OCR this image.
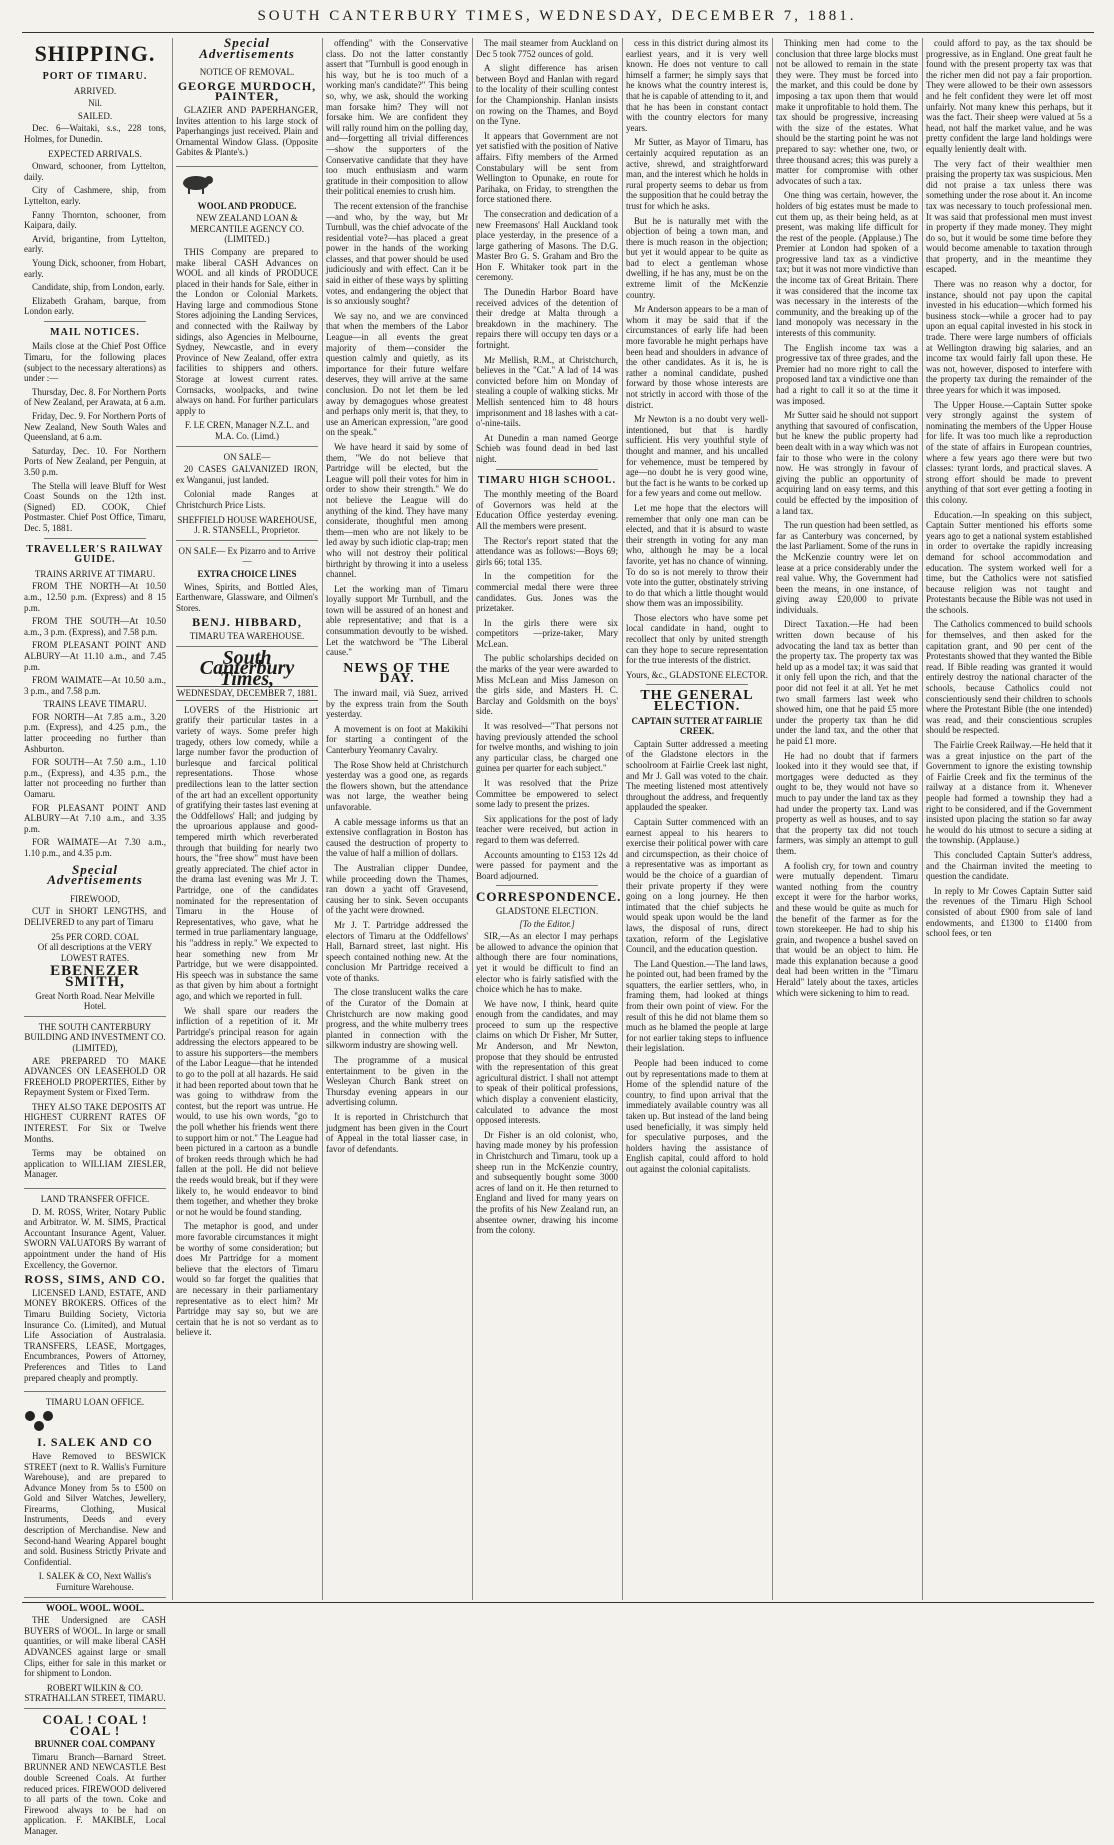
SOUTH CANTERBURY TIMES, WEDNESDAY, DECEMBER 7, 1881.
SHIPPING.
PORT OF TIMARU.
ARRIVED.
Nil.
SAILED.

Dec. 6—Waitaki, s.s., 228 tons, Holmes, for Dunedin.

EXPECTED ARRIVALS.
Onward, schooner, from Lyttelton, daily.
City of Cashmere, ship, from Lyttelton, early.
Fanny Thornton, schooner, from Kaipara, daily.
Arvid, brigantine, from Lyttelton, early.
Young Dick, schooner, from Hobart, early.
Candidate, ship, from London, early.
Elizabeth Graham, barque, from London early.
MAIL NOTICES.
Mails close at the Chief Post Office Timaru, for the following places (subject to the necessary alterations) as under :—
Thursday, Dec. 8. For Northern Ports of New Zealand, per Arawata, at 6 a.m.
Friday, Dec. 9. For Northern Ports of New Zealand, New South Wales and Queensland, at 6 a.m.
Saturday, Dec. 10. For Northern Ports of New Zealand, per Penguin, at 3.50 p.m.
The Stella will leave Bluff for West Coast Sounds on the 12th inst. (Signed) ED. COOK, Chief Postmaster. Chief Post Office, Timaru, Dec. 5, 1881.
TRAVELLER'S RAILWAY GUIDE.
TRAINS ARRIVE AT TIMARU.
FROM THE NORTH—At 10.50 a.m., 12.50 p.m. (Express) and 8 15 p.m.
FROM THE SOUTH—At 10.50 a.m., 3 p.m. (Express), and 7.58 p.m.
FROM PLEASANT POINT AND ALBURY—At 11.10 a.m., and 7.45 p.m.
FROM WAIMATE—At 10.50 a.m., 3 p.m., and 7.58 p.m.
TRAINS LEAVE TIMARU.
FOR NORTH—At 7.85 a.m., 3.20 p.m. (Express), and 4.25 p.m., the latter proceeding no further than Ashburton.
FOR SOUTH—At 7.50 a.m., 1.10 p.m., (Express), and 4.35 p.m., the latter not proceeding no further than Oamaru.
FOR PLEASANT POINT AND ALBURY—At 7.10 a.m., and 3.35 p.m.
FOR WAIMATE—At 7.30 a.m., 1.10 p.m., and 4.35 p.m.
Special Advertisements
FIREWOOD,

CUT in SHORT LENGTHS, and DELIVERED to any part of Timaru

25s PER CORD. COAL
Of all descriptions at the VERY LOWEST RATES.
EBENEZER SMITH,
Great North Road. Near Melville Hotel.
THE SOUTH CANTERBURY BUILDING AND INVESTMENT CO. (LIMITED),

ARE PREPARED TO MAKE ADVANCES ON LEASEHOLD OR FREEHOLD PROPERTIES, Either by Repayment System or Fixed Term.

THEY ALSO TAKE DEPOSITS AT HIGHEST CURRENT RATES OF INTEREST. For Six or Twelve Months.

Terms may be obtained on application to WILLIAM ZIESLER, Manager.

LAND TRANSFER OFFICE.

D. M. ROSS, Writer, Notary Public and Arbitrator. W. M. SIMS, Practical Accountant Insurance Agent, Valuer. SWORN VALUATORS By warrant of appointment under the hand of His Excellency, the Governor.

ROSS, SIMS, AND CO.

LICENSED LAND, ESTATE, AND MONEY BROKERS. Offices of the Timaru Building Society, Victoria Insurance Co. (Limited), and Mutual Life Association of Australasia. TRANSFERS, LEASE, Mortgages, Encumbrances, Powers of Attorney, Preferences and Titles to Land prepared cheaply and promptly.

TIMARU LOAN OFFICE.
I. SALEK AND CO

Have Removed to BESWICK STREET (next to R. Wallis's Furniture Warehouse), and are prepared to Advance Money from 5s to £500 on Gold and Silver Watches, Jewellery, Firearms, Clothing, Musical Instruments, Deeds and every description of Merchandise. New and Second-hand Wearing Apparel bought and sold. Business Strictly Private and Confidential.

I. SALEK & CO, Next Wallis's Furniture Warehouse.
WOOL. WOOL. WOOL.

THE Undersigned are CASH BUYERS of WOOL. In large or small quantities, or will make liberal CASH ADVANCES against large or small Clips, either for sale in this market or for shipment to London.

ROBERT WILKIN & CO. STRATHALLAN STREET, TIMARU.
COAL ! COAL ! COAL !
BRUNNER COAL COMPANY

Timaru Branch—Barnard Street. BRUNNER AND NEWCASTLE Best double Screened Coals. At further reduced prices. FIREWOOD delivered to all parts of the town. Coke and Firewood always to be had on application. F. MAKIBLE, Local Manager.

Special Advertisements
NOTICE OF REMOVAL.
GEORGE MURDOCH, PAINTER,

GLAZIER AND PAPERHANGER, Invites attention to his large stock of Paperhangings just received. Plain and Ornamental Window Glass. (Opposite Gabites & Plante's.)

WOOL AND PRODUCE.
NEW ZEALAND LOAN & MERCANTILE AGENCY CO. (LIMITED.)

THIS Company are prepared to make liberal CASH Advances on WOOL and all kinds of PRODUCE placed in their hands for Sale, either in the London or Colonial Markets. Having large and commodious Stone Stores adjoining the Landing Services, and connected with the Railway by sidings, also Agencies in Melbourne, Sydney, Newcastle, and in every Province of New Zealand, offer extra facilities to shippers and others. Storage at lowest current rates. Cornsacks, woolpacks, and twine always on hand. For further particulars apply to

F. LE CREN, Manager N.Z.L. and M.A. Co. (Limd.)
ON SALE—

20 CASES GALVANIZED IRON, ex Wanganui, just landed.

Colonial made Ranges at Christchurch Price Lists.

SHEFFIELD HOUSE WAREHOUSE, J. R. STANSELL, Proprietor.
ON SALE— Ex Pizarro and to Arrive—
EXTRA CHOICE LINES

Wines, Spirits, and Bottled Ales, Earthenware, Glassware, and Oilmen's Stores.

BENJ. HIBBARD,
TIMARU TEA WAREHOUSE.
South Canterbury Times,
WEDNESDAY, DECEMBER 7, 1881.

LOVERS of the Histrionic art gratify their particular tastes in a variety of ways. Some prefer high tragedy, others low comedy, while a large number favor the production of burlesque and farcical political representations. Those whose predilections lean to the latter section of the art had an excellent opportunity of gratifying their tastes last evening at the Oddfellows' Hall; and judging by the uproarious applause and good-tempered mirth which reverberated through that building for nearly two hours, the "free show" must have been greatly appreciated. The chief actor in the drama last evening was Mr J. T. Partridge, one of the candidates nominated for the representation of Timaru in the House of Representatives, who gave, what he termed in true parliamentary language, his "address in reply." We expected to hear something new from Mr Partridge, but we were disappointed. His speech was in substance the same as that given by him about a fortnight ago, and which we reported in full.

We shall spare our readers the infliction of a repetition of it. Mr Partridge's principal reason for again addressing the electors appeared to be to assure his supporters—the members of the Labor League—that he intended to go to the poll at all hazards. He said it had been reported about town that he was going to withdraw from the contest, but the report was untrue. He would, to use his own words, "go to the poll whether his friends went there to support him or not." The League had been pictured in a cartoon as a bundle of broken reeds through which he had fallen at the poll. He did not believe the reeds would break, but if they were likely to, he would endeavor to bind them together, and whether they broke or not he would be found standing.

The metaphor is good, and under more favorable circumstances it might be worthy of some consideration; but does Mr Partridge for a moment believe that the electors of Timaru would so far forget the qualities that are necessary in their parliamentary representative as to elect him? Mr Partridge may say so, but we are certain that he is not so verdant as to believe it.

offending" with the Conservative class. Do not the latter constantly assert that "Turnbull is good enough in his way, but he is too much of a working man's candidate?" This being so, why, we ask, should the working man forsake him? They will not forsake him. We are confident they will rally round him on the polling day, and—forgetting all trivial differences—show the supporters of the Conservative candidate that they have too much enthusiasm and warm gratitude in their composition to allow their political enemies to crush him.

The recent extension of the franchise—and who, by the way, but Mr Turnbull, was the chief advocate of the residential vote?—has placed a great power in the hands of the working classes, and that power should be used judiciously and with effect. Can it be said in either of these ways by splitting votes, and endangering the object that is so anxiously sought?

We say no, and we are convinced that when the members of the Labor League—in all events the great majority of them—consider the question calmly and quietly, as its importance for their future welfare deserves, they will arrive at the same conclusion. Do not let them be led away by demagogues whose greatest and perhaps only merit is, that they, to use an American expression, "are good on the speak."

We have heard it said by some of them, "We do not believe that Partridge will be elected, but the League will poll their votes for him in order to show their strength." We do not believe the League will do anything of the kind. They have many considerate, thoughtful men among them—men who are not likely to be led away by such idiotic clap-trap; men who will not destroy their political birthright by throwing it into a useless channel.

Let the working man of Timaru loyally support Mr Turnbull, and the town will be assured of an honest and able representative; and that is a consummation devoutly to be wished. Let the watchword be "The Liberal cause."

NEWS OF THE DAY.

The inward mail, vià Suez, arrived by the express train from the South yesterday.

A movement is on foot at Makikihi for starting a contingent of the Canterbury Yeomanry Cavalry.

The Rose Show held at Christchurch yesterday was a good one, as regards the flowers shown, but the attendance was not large, the weather being unfavorable.

A cable message informs us that an extensive conflagration in Boston has caused the destruction of property to the value of half a million of dollars.

The Australian clipper Dundee, while proceeding down the Thames, ran down a yacht off Gravesend, causing her to sink. Seven occupants of the yacht were drowned.

Mr J. T. Partridge addressed the electors of Timaru at the Oddfellows' Hall, Barnard street, last night. His speech contained nothing new. At the conclusion Mr Partridge received a vote of thanks.

The close translucent walks the care of the Curator of the Domain at Christchurch are now making good progress, and the white mulberry trees planted in connection with the silkworm industry are showing well.

The programme of a musical entertainment to be given in the Wesleyan Church Bank street on Thursday evening appears in our advertising column.

It is reported in Christchurch that judgment has been given in the Court of Appeal in the total liasser case, in favor of defendants.

The mail steamer from Auckland on Dec 5 took 7752 ounces of gold.

A slight difference has arisen between Boyd and Hanlan with regard to the locality of their sculling contest for the Championship. Hanlan insists on rowing on the Thames, and Boyd on the Tyne.

It appears that Government are not yet satisfied with the position of Native affairs. Fifty members of the Armed Constabulary will be sent from Wellington to Opunake, en route for Parihaka, on Friday, to strengthen the force stationed there.

The consecration and dedication of a new Freemasons' Hall Auckland took place yesterday, in the presence of a large gathering of Masons. The D.G. Master Bro G. S. Graham and Bro the Hon F. Whitaker took part in the ceremony.

The Dunedin Harbor Board have received advices of the detention of their dredge at Malta through a breakdown in the machinery. The repairs there will occupy ten days or a fortnight.

Mr Mellish, R.M., at Christchurch, believes in the "Cat." A lad of 14 was convicted before him on Monday of stealing a couple of walking sticks. Mr Mellish sentenced him to 48 hours imprisonment and 18 lashes with a cat-o'-nine-tails.

At Dunedin a man named George Schieb was found dead in bed last night.

TIMARU HIGH SCHOOL.

The monthly meeting of the Board of Governors was held at the Education Office yesterday evening. All the members were present.

The Rector's report stated that the attendance was as follows:—Boys 69; girls 66; total 135.

In the competition for the commercial medal there were three candidates. Gus. Jones was the prizetaker.

In the girls there were six competitors —prize-taker, Mary McLean.

The public scholarships decided on the marks of the year were awarded to Miss McLean and Miss Jameson on the girls side, and Masters H. C. Barclay and Goldsmith on the boys' side.

It was resolved—"That persons not having previously attended the school for twelve months, and wishing to join any particular class, be charged one guinea per quarter for each subject."

It was resolved that the Prize Committee be empowered to select some lady to present the prizes.

Six applications for the post of lady teacher were received, but action in regard to them was deferred.

Accounts amounting to £153 12s 4d were passed for payment and the Board adjourned.

CORRESPONDENCE.
GLADSTONE ELECTION.
[To the Editor.]

SIR,—As an elector I may perhaps be allowed to advance the opinion that although there are four nominations, yet it would be difficult to find an elector who is fairly satisfied with the choice which he has to make.

We have now, I think, heard quite enough from the candidates, and may proceed to sum up the respective claims on which Dr Fisher, Mr Sutter, Mr Anderson, and Mr Newton, propose that they should be entrusted with the representation of this great agricultural district. I shall not attempt to speak of their political professions, which display a convenient elasticity, calculated to advance the most opposed interests.

Dr Fisher is an old colonist, who, having made money by his profession in Christchurch and Timaru, took up a sheep run in the McKenzie country, and subsequently bought some 3000 acres of land on it. He then returned to England and lived for many years on the profits of his New Zealand run, an absentee owner, drawing his income from the colony.

cess in this district during almost its earliest years, and it is very well known. He does not venture to call himself a farmer; he simply says that he knows what the country interest is, that he is capable of attending to it, and that he has been in constant contact with the country electors for many years.

Mr Sutter, as Mayor of Timaru, has certainly acquired reputation as an active, shrewd, and straightforward man, and the interest which he holds in rural property seems to debar us from the supposition that he could betray the trust for which he asks.

But he is naturally met with the objection of being a town man, and there is much reason in the objection; but yet it would appear to be quite as bad to elect a gentleman whose dwelling, if he has any, must be on the extreme limit of the McKenzie country.

Mr Anderson appears to be a man of whom it may be said that if the circumstances of early life had been more favorable he might perhaps have been head and shoulders in advance of the other candidates. As it is, he is rather a nominal candidate, pushed forward by those whose interests are not strictly in accord with those of the district.

Mr Newton is a no doubt very well-intentioned, but that is hardly sufficient. His very youthful style of thought and manner, and his uncalled for vehemence, must be tempered by age—no doubt he is very good wine, but the fact is he wants to be corked up for a few years and come out mellow.

Let me hope that the electors will remember that only one man can be elected, and that it is absurd to waste their strength in voting for any man who, although he may be a local favorite, yet has no chance of winning. To do so is not merely to throw their vote into the gutter, obstinately striving to do that which a little thought would show them was an impossibility.

Those electors who have some pet local candidate in hand, ought to recollect that only by united strength can they hope to secure representation for the true interests of the district.

Yours, &c., GLADSTONE ELECTOR.
THE GENERAL ELECTION.
CAPTAIN SUTTER AT FAIRLIE CREEK.

Captain Sutter addressed a meeting of the Gladstone electors in the schoolroom at Fairlie Creek last night, and Mr J. Gall was voted to the chair. The meeting listened most attentively throughout the address, and frequently applauded the speaker.

Captain Sutter commenced with an earnest appeal to his hearers to exercise their political power with care and circumspection, as their choice of a representative was as important as would be the choice of a guardian of their private property if they were going on a long journey. He then intimated that the chief subjects he would speak upon would be the land laws, the disposal of runs, direct taxation, reform of the Legislative Council, and the education question.

The Land Question.—The land laws, he pointed out, had been framed by the squatters, the earlier settlers, who, in framing them, had looked at things from their own point of view. For the result of this he did not blame them so much as he blamed the people at large for not earlier taking steps to influence their legislation.

People had been induced to come out by representations made to them at Home of the splendid nature of the country, to find upon arrival that the immediately available country was all taken up. But instead of the land being used beneficially, it was simply held for speculative purposes, and the holders having the assistance of English capital, could afford to hold out against the colonial capitalists.

Thinking men had come to the conclusion that three large blocks must not be allowed to remain in the state they were. They must be forced into the market, and this could be done by imposing a tax upon them that would make it unprofitable to hold them. The tax should be progressive, increasing with the size of the estates. What should be the starting point he was not prepared to say: whether one, two, or three thousand acres; this was purely a matter for compromise with other advocates of such a tax.

One thing was certain, however, the holders of big estates must be made to cut them up, as their being held, as at present, was making life difficult for the rest of the people. (Applause.) The Premier at London had spoken of a progressive land tax as a vindictive tax; but it was not more vindictive than the income tax of Great Britain. There it was considered that the income tax was necessary in the interests of the community, and the breaking up of the land monopoly was necessary in the interests of this community.

The English income tax was a progressive tax of three grades, and the Premier had no more right to call the proposed land tax a vindictive one than had a right to call it so at the time it was imposed.

Mr Sutter said he should not support anything that savoured of confiscation, but he knew the public property had been dealt with in a way which was not fair to those who were in the colony now. He was strongly in favour of giving the public an opportunity of acquiring land on easy terms, and this could be effected by the imposition of a land tax.

The run question had been settled, as far as Canterbury was concerned, by the last Parliament. Some of the runs in the McKenzie country were let on lease at a price considerably under the real value. Why, the Government had been the means, in one instance, of giving away £20,000 to private individuals.

Direct Taxation.—He had been written down because of his advocating the land tax as better than the property tax. The property tax was held up as a model tax; it was said that it only fell upon the rich, and that the poor did not feel it at all. Yet he met two small farmers last week who showed him, one that he paid £5 more under the property tax than he did under the land tax, and the other that he paid £1 more.

He had no doubt that if farmers looked into it they would see that, if mortgages were deducted as they ought to be, they would not have so much to pay under the land tax as they had under the property tax. Land was property as well as houses, and to say that the property tax did not touch farmers, was simply an attempt to gull them.

A foolish cry, for town and country were mutually dependent. Timaru wanted nothing from the country except it were for the harbor works, and these would be quite as much for the benefit of the farmer as for the town storekeeper. He had to ship his grain, and twopence a bushel saved on that would be an object to him. He made this explanation because a good deal had been written in the "Timaru Herald" lately about the taxes, articles which were sickening to him to read.

could afford to pay, as the tax should be progressive, as in England. One great fault he found with the present property tax was that the richer men did not pay a fair proportion. They were allowed to be their own assessors and he felt confident they were let off most unfairly. Not many knew this perhaps, but it was the fact. Their sheep were valued at 5s a head, not half the market value, and he was pretty confident the large land holdings were equally leniently dealt with.

The very fact of their wealthier men praising the property tax was suspicious. Men did not praise a tax unless there was something under the rose about it. An income tax was necessary to touch professional men. It was said that professional men must invest in property if they made money. They might do so, but it would be some time before they would become amenable to taxation through that property, and in the meantime they escaped.

There was no reason why a doctor, for instance, should not pay upon the capital invested in his education—which formed his business stock—while a grocer had to pay upon an equal capital invested in his stock in trade. There were large numbers of officials at Wellington drawing big salaries, and an income tax would fairly fall upon these. He was not, however, disposed to interfere with the property tax during the remainder of the three years for which it was imposed.

The Upper House.—Captain Sutter spoke very strongly against the system of nominating the members of the Upper House for life. It was too much like a reproduction of the state of affairs in European countries, where a few years ago there were but two classes: tyrant lords, and practical slaves. A strong effort should be made to prevent anything of that sort ever getting a footing in this colony.

Education.—In speaking on this subject, Captain Sutter mentioned his efforts some years ago to get a national system established in order to overtake the rapidly increasing demand for school accommodation and education. The system worked well for a time, but the Catholics were not satisfied because religion was not taught and Protestants because the Bible was not used in the schools.

The Catholics commenced to build schools for themselves, and then asked for the capitation grant, and 90 per cent of the Protestants showed that they wanted the Bible read. If Bible reading was granted it would entirely destroy the national character of the schools, because Catholics could not conscientiously send their children to schools where the Protestant Bible (the one intended) was read, and their conscientious scruples should be respected.

The Fairlie Creek Railway.—He held that it was a great injustice on the part of the Government to ignore the existing township of Fairlie Creek and fix the terminus of the railway at a distance from it. Whenever people had formed a township they had a right to be considered, and if the Government insisted upon placing the station so far away he would do his utmost to secure a siding at the township. (Applause.)

This concluded Captain Sutter's address, and the Chairman invited the meeting to question the candidate.

In reply to Mr Cowes Captain Sutter said the revenues of the Timaru High School consisted of about £900 from sale of land endowments, and £1300 to £1400 from school fees, or ten
